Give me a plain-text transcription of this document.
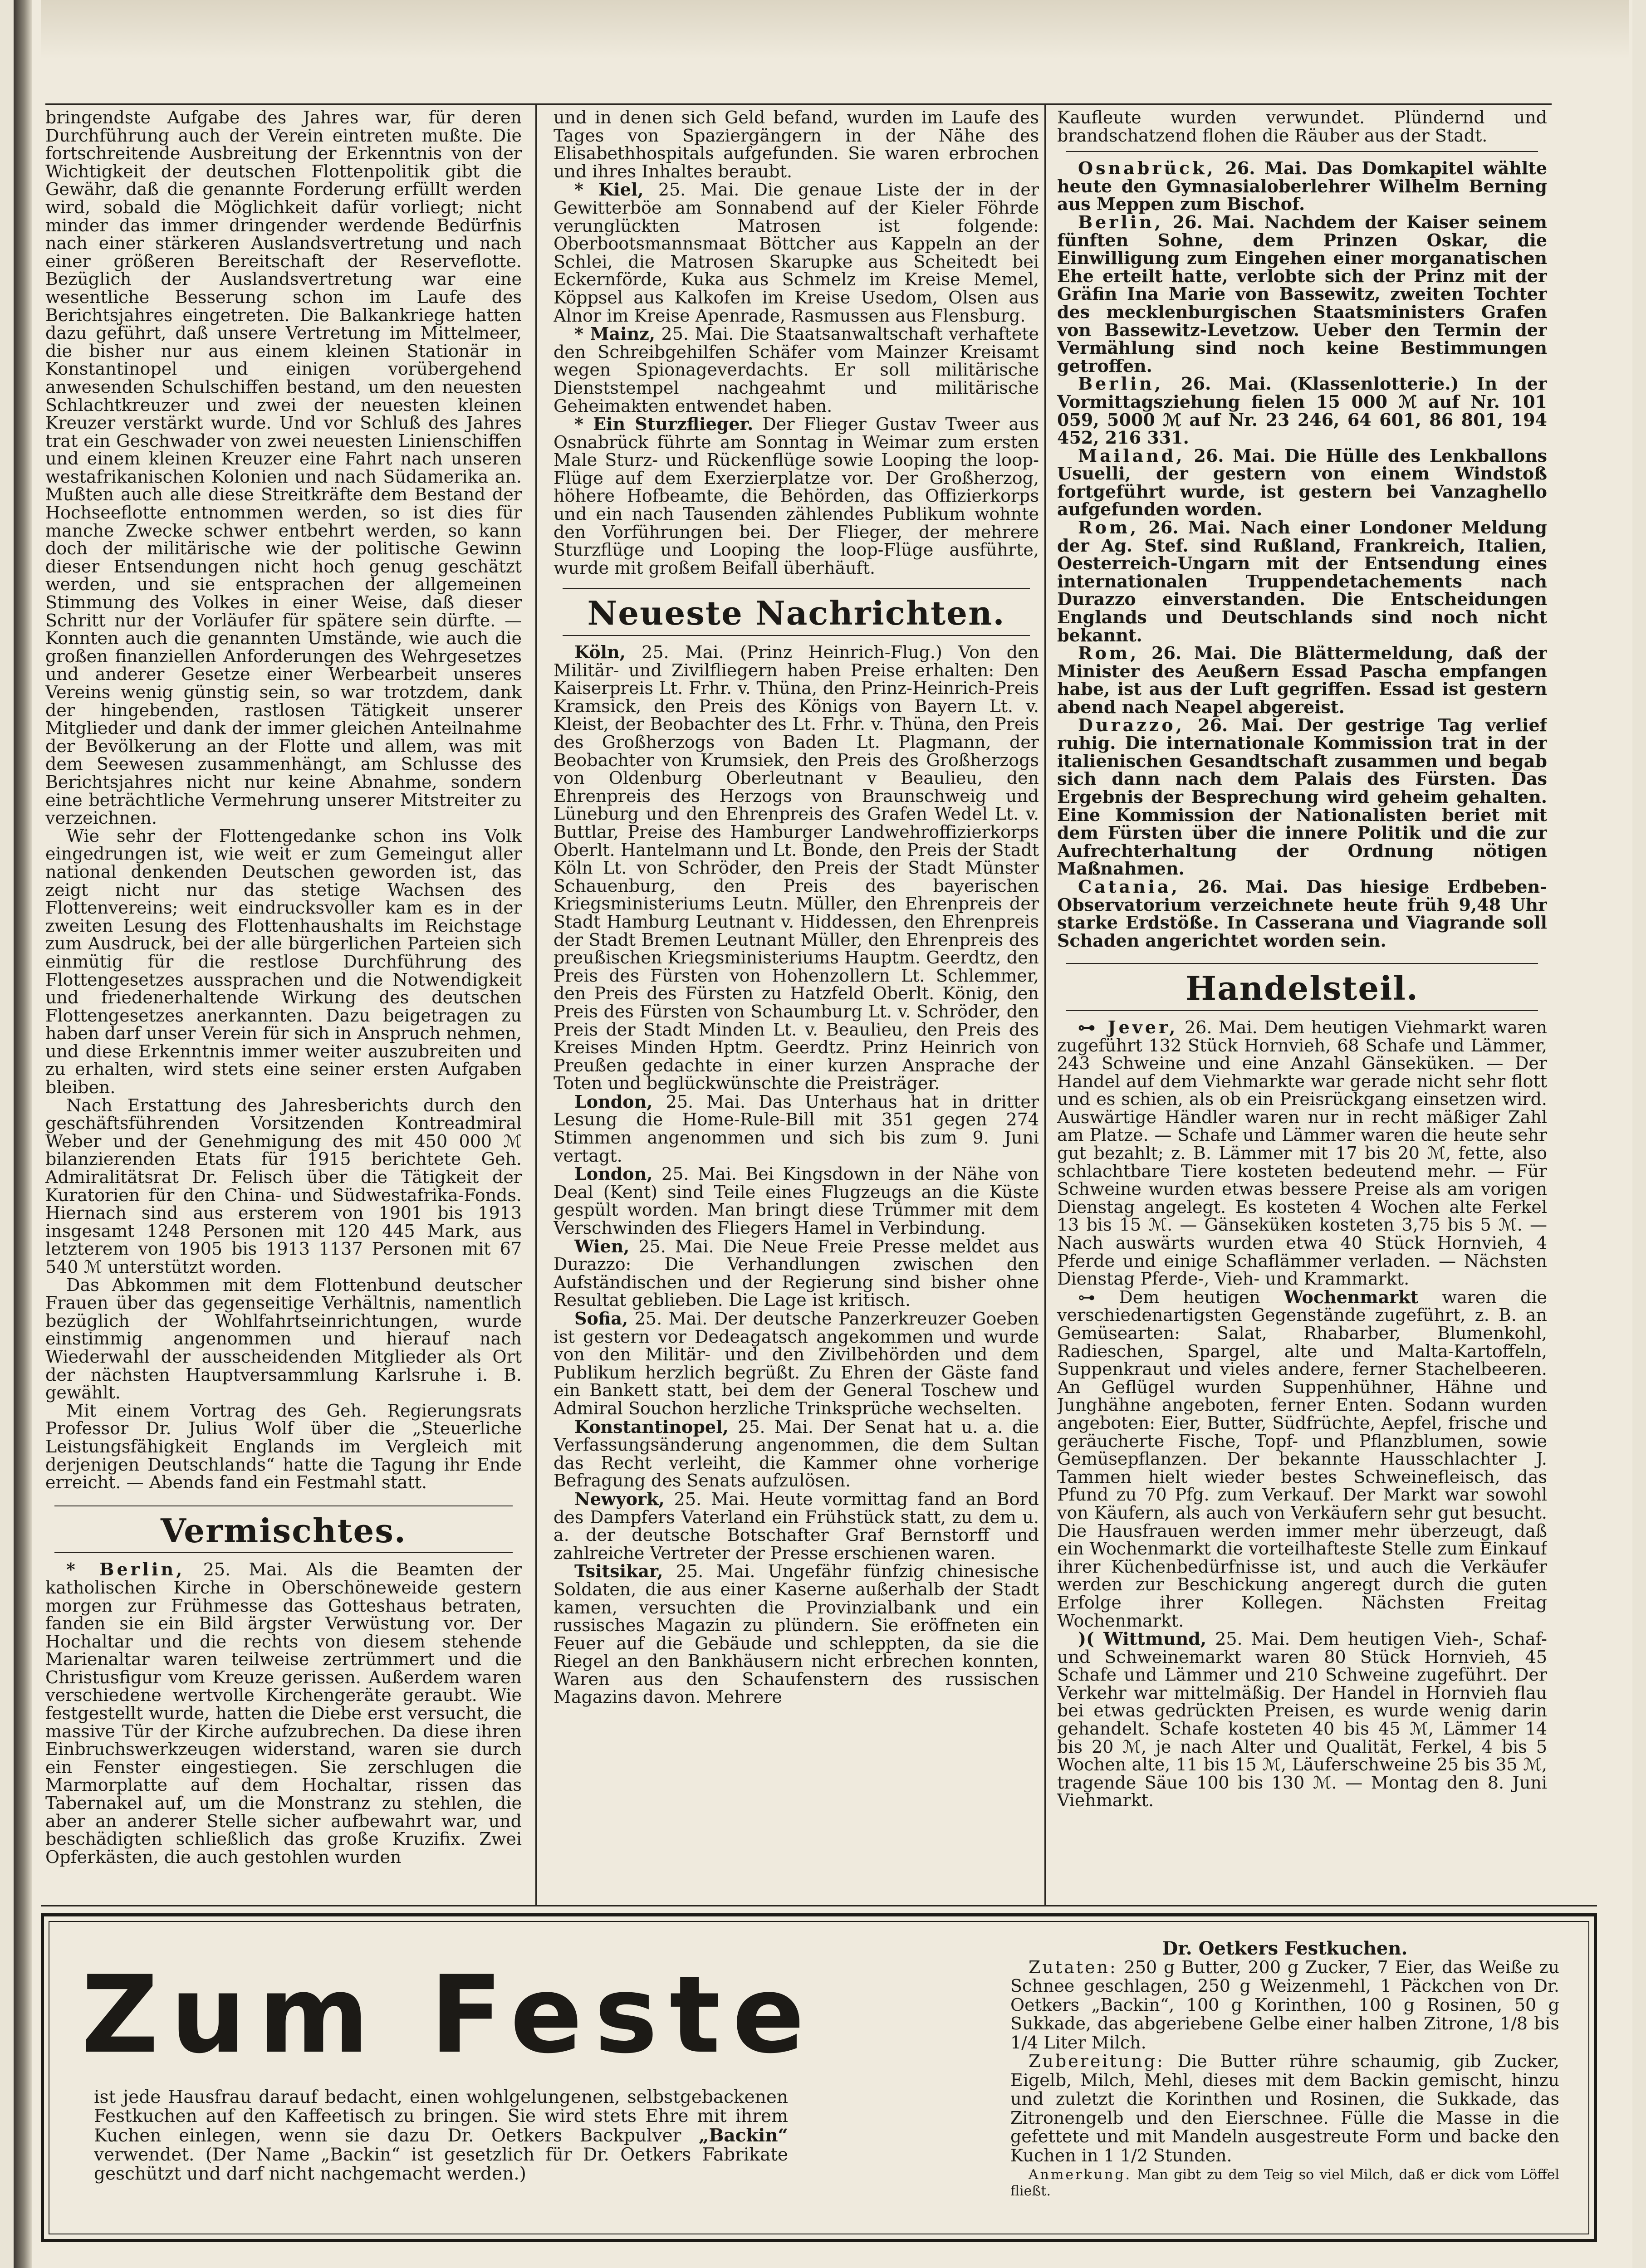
bringendste Aufgabe des Jahres war, für deren Durchführung auch der Verein eintreten mußte. Die fortschreitende Ausbreitung der Erkenntnis von der Wichtigkeit der deutschen Flottenpolitik gibt die Gewähr, daß die genannte Forderung erfüllt werden wird, sobald die Möglichkeit dafür vorliegt; nicht minder das immer dringender werdende Bedürfnis nach einer stärkeren Auslandsvertretung und nach einer größeren Bereitschaft der Reserveflotte. Bezüglich der Auslandsvertretung war eine wesentliche Besserung schon im Laufe des Berichtsjahres eingetreten. Die Balkankriege hatten dazu geführt, daß unsere Vertretung im Mittelmeer, die bisher nur aus einem kleinen Stationär in Konstantinopel und einigen vorübergehend anwesenden Schulschiffen bestand, um den neuesten Schlachtkreuzer und zwei der neuesten kleinen Kreuzer verstärkt wurde. Und vor Schluß des Jahres trat ein Geschwader von zwei neuesten Linienschiffen und einem kleinen Kreuzer eine Fahrt nach unseren westafrikanischen Kolonien und nach Südamerika an. Mußten auch alle diese Streitkräfte dem Bestand der Hochseeflotte entnommen werden, so ist dies für manche Zwecke schwer entbehrt werden, so kann doch der militärische wie der politische Gewinn dieser Entsendungen nicht hoch genug geschätzt werden, und sie entsprachen der allgemeinen Stimmung des Volkes in einer Weise, daß dieser Schritt nur der Vorläufer für spätere sein dürfte. — Konnten auch die genannten Umstände, wie auch die großen finanziellen Anforderungen des Wehrgesetzes und anderer Gesetze einer Werbearbeit unseres Vereins wenig günstig sein, so war trotzdem, dank der hingebenden, rastlosen Tätigkeit unserer Mitglieder und dank der immer gleichen Anteilnahme der Bevölkerung an der Flotte und allem, was mit dem Seewesen zusammenhängt, am Schlusse des Berichtsjahres nicht nur keine Abnahme, sondern eine beträchtliche Vermehrung unserer Mitstreiter zu verzeichnen.

Wie sehr der Flottengedanke schon ins Volk eingedrungen ist, wie weit er zum Gemeingut aller national denkenden Deutschen geworden ist, das zeigt nicht nur das stetige Wachsen des Flottenvereins; weit eindrucksvoller kam es in der zweiten Lesung des Flottenhaushalts im Reichstage zum Ausdruck, bei der alle bürgerlichen Parteien sich einmütig für die restlose Durchführung des Flottengesetzes aussprachen und die Notwendigkeit und friedenerhaltende Wirkung des deutschen Flottengesetzes anerkannten. Dazu beigetragen zu haben darf unser Verein für sich in Anspruch nehmen, und diese Erkenntnis immer weiter auszubreiten und zu erhalten, wird stets eine seiner ersten Aufgaben bleiben.

Nach Erstattung des Jahresberichts durch den geschäftsführenden Vorsitzenden Kontreadmiral Weber und der Genehmigung des mit 450 000 ℳ bilanzierenden Etats für 1915 berichtete Geh. Admiralitätsrat Dr. Felisch über die Tätigkeit der Kuratorien für den China- und Südwestafrika-Fonds. Hiernach sind aus ersterem von 1901 bis 1913 insgesamt 1248 Personen mit 120 445 Mark, aus letzterem von 1905 bis 1913 1137 Personen mit 67 540 ℳ unterstützt worden.

Das Abkommen mit dem Flottenbund deutscher Frauen über das gegenseitige Verhältnis, namentlich bezüglich der Wohlfahrtseinrichtungen, wurde einstimmig angenommen und hierauf nach Wiederwahl der ausscheidenden Mitglieder als Ort der nächsten Hauptversammlung Karlsruhe i. B. gewählt.

Mit einem Vortrag des Geh. Regierungsrats Professor Dr. Julius Wolf über die „Steuerliche Leistungsfähigkeit Englands im Vergleich mit derjenigen Deutschlands“ hatte die Tagung ihr Ende erreicht. — Abends fand ein Festmahl statt.

Vermischtes.

* Berlin, 25. Mai. Als die Beamten der katholischen Kirche in Oberschöneweide gestern morgen zur Frühmesse das Gotteshaus betraten, fanden sie ein Bild ärgster Verwüstung vor. Der Hochaltar und die rechts von diesem stehende Marienaltar waren teilweise zertrümmert und die Christusfigur vom Kreuze gerissen. Außerdem waren verschiedene wertvolle Kirchengeräte geraubt. Wie festgestellt wurde, hatten die Diebe erst versucht, die massive Tür der Kirche aufzubrechen. Da diese ihren Einbruchswerkzeugen widerstand, waren sie durch ein Fenster eingestiegen. Sie zerschlugen die Marmorplatte auf dem Hochaltar, rissen das Tabernakel auf, um die Monstranz zu stehlen, die aber an anderer Stelle sicher aufbewahrt war, und beschädigten schließlich das große Kruzifix. Zwei Opferkästen, die auch gestohlen wurden

und in denen sich Geld befand, wurden im Laufe des Tages von Spaziergängern in der Nähe des Elisabethhospitals aufgefunden. Sie waren erbrochen und ihres Inhaltes beraubt.

* Kiel, 25. Mai. Die genaue Liste der in der Gewitterböe am Sonnabend auf der Kieler Föhrde verunglückten Matrosen ist folgende: Oberbootsmannsmaat Böttcher aus Kappeln an der Schlei, die Matrosen Skarupke aus Scheitedt bei Eckernförde, Kuka aus Schmelz im Kreise Memel, Köppsel aus Kalkofen im Kreise Usedom, Olsen aus Alnor im Kreise Apenrade, Rasmussen aus Flensburg.

* Mainz, 25. Mai. Die Staatsanwaltschaft verhaftete den Schreibgehilfen Schäfer vom Mainzer Kreisamt wegen Spionageverdachts. Er soll militärische Dienststempel nachgeahmt und militärische Geheimakten entwendet haben.

* Ein Sturzflieger. Der Flieger Gustav Tweer aus Osnabrück führte am Sonntag in Weimar zum ersten Male Sturz- und Rückenflüge sowie Looping the loop-Flüge auf dem Exerzierplatze vor. Der Großherzog, höhere Hofbeamte, die Behörden, das Offizierkorps und ein nach Tausenden zählendes Publikum wohnte den Vorführungen bei. Der Flieger, der mehrere Sturzflüge und Looping the loop-Flüge ausführte, wurde mit großem Beifall überhäuft.

Neueste Nachrichten.

Köln, 25. Mai. (Prinz Heinrich-Flug.) Von den Militär- und Zivilfliegern haben Preise erhalten: Den Kaiserpreis Lt. Frhr. v. Thüna, den Prinz-Heinrich-Preis Kramsick, den Preis des Königs von Bayern Lt. v. Kleist, der Beobachter des Lt. Frhr. v. Thüna, den Preis des Großherzogs von Baden Lt. Plagmann, der Beobachter von Krumsiek, den Preis des Großherzogs von Oldenburg Oberleutnant v Beaulieu, den Ehrenpreis des Herzogs von Braunschweig und Lüneburg und den Ehrenpreis des Grafen Wedel Lt. v. Buttlar, Preise des Hamburger Landwehroffizierkorps Oberlt. Hantelmann und Lt. Bonde, den Preis der Stadt Köln Lt. von Schröder, den Preis der Stadt Münster Schauenburg, den Preis des bayerischen Kriegsministeriums Leutn. Müller, den Ehrenpreis der Stadt Hamburg Leutnant v. Hiddessen, den Ehrenpreis der Stadt Bremen Leutnant Müller, den Ehrenpreis des preußischen Kriegsministeriums Hauptm. Geerdtz, den Preis des Fürsten von Hohenzollern Lt. Schlemmer, den Preis des Fürsten zu Hatzfeld Oberlt. König, den Preis des Fürsten von Schaumburg Lt. v. Schröder, den Preis der Stadt Minden Lt. v. Beaulieu, den Preis des Kreises Minden Hptm. Geerdtz. Prinz Heinrich von Preußen gedachte in einer kurzen Ansprache der Toten und beglückwünschte die Preisträger.

London, 25. Mai. Das Unterhaus hat in dritter Lesung die Home-Rule-Bill mit 351 gegen 274 Stimmen angenommen und sich bis zum 9. Juni vertagt.

London, 25. Mai. Bei Kingsdown in der Nähe von Deal (Kent) sind Teile eines Flugzeugs an die Küste gespült worden. Man bringt diese Trümmer mit dem Verschwinden des Fliegers Hamel in Verbindung.

Wien, 25. Mai. Die Neue Freie Presse meldet aus Durazzo: Die Verhandlungen zwischen den Aufständischen und der Regierung sind bisher ohne Resultat geblieben. Die Lage ist kritisch.

Sofia, 25. Mai. Der deutsche Panzerkreuzer Goeben ist gestern vor Dedeagatsch angekommen und wurde von den Militär- und den Zivilbehörden und dem Publikum herzlich begrüßt. Zu Ehren der Gäste fand ein Bankett statt, bei dem der General Toschew und Admiral Souchon herzliche Trinksprüche wechselten.

Konstantinopel, 25. Mai. Der Senat hat u. a. die Verfassungsänderung angenommen, die dem Sultan das Recht verleiht, die Kammer ohne vorherige Befragung des Senats aufzulösen.

Newyork, 25. Mai. Heute vormittag fand an Bord des Dampfers Vaterland ein Frühstück statt, zu dem u. a. der deutsche Botschafter Graf Bernstorff und zahlreiche Vertreter der Presse erschienen waren.

Tsitsikar, 25. Mai. Ungefähr fünfzig chinesische Soldaten, die aus einer Kaserne außerhalb der Stadt kamen, versuchten die Provinzialbank und ein russisches Magazin zu plündern. Sie eröffneten ein Feuer auf die Gebäude und schleppten, da sie die Riegel an den Bankhäusern nicht erbrechen konnten, Waren aus den Schaufenstern des russischen Magazins davon. Mehrere

Kaufleute wurden verwundet. Plündernd und brandschatzend flohen die Räuber aus der Stadt.

Osnabrück, 26. Mai. Das Domkapitel wählte heute den Gymnasialoberlehrer Wilhelm Berning aus Meppen zum Bischof.

Berlin, 26. Mai. Nachdem der Kaiser seinem fünften Sohne, dem Prinzen Oskar, die Einwilligung zum Eingehen einer morganatischen Ehe erteilt hatte, verlobte sich der Prinz mit der Gräfin Ina Marie von Bassewitz, zweiten Tochter des mecklenburgischen Staatsministers Grafen von Bassewitz-Levetzow. Ueber den Termin der Vermählung sind noch keine Bestimmungen getroffen.

Berlin, 26. Mai. (Klassenlotterie.) In der Vormittagsziehung fielen 15 000 ℳ auf Nr. 101 059, 5000 ℳ auf Nr. 23 246, 64 601, 86 801, 194 452, 216 331.

Mailand, 26. Mai. Die Hülle des Lenkballons Usuelli, der gestern von einem Windstoß fortgeführt wurde, ist gestern bei Vanzaghello aufgefunden worden.

Rom, 26. Mai. Nach einer Londoner Meldung der Ag. Stef. sind Rußland, Frankreich, Italien, Oesterreich-Ungarn mit der Entsendung eines internationalen Truppendetachements nach Durazzo einverstanden. Die Entscheidungen Englands und Deutschlands sind noch nicht bekannt.

Rom, 26. Mai. Die Blättermeldung, daß der Minister des Aeußern Essad Pascha empfangen habe, ist aus der Luft gegriffen. Essad ist gestern abend nach Neapel abgereist.

Durazzo, 26. Mai. Der gestrige Tag verlief ruhig. Die internationale Kommission trat in der italienischen Gesandtschaft zusammen und begab sich dann nach dem Palais des Fürsten. Das Ergebnis der Besprechung wird geheim gehalten. Eine Kommission der Nationalisten beriet mit dem Fürsten über die innere Politik und die zur Aufrechterhaltung der Ordnung nötigen Maßnahmen.

Catania, 26. Mai. Das hiesige Erdbeben-Observatorium verzeichnete heute früh 9,48 Uhr starke Erdstöße. In Casserana und Viagrande soll Schaden angerichtet worden sein.

Handelsteil.

⊶ Jever, 26. Mai. Dem heutigen Viehmarkt waren zugeführt 132 Stück Hornvieh, 68 Schafe und Lämmer, 243 Schweine und eine Anzahl Gänseküken. — Der Handel auf dem Viehmarkte war gerade nicht sehr flott und es schien, als ob ein Preisrückgang einsetzen wird. Auswärtige Händler waren nur in recht mäßiger Zahl am Platze. — Schafe und Lämmer waren die heute sehr gut bezahlt; z. B. Lämmer mit 17 bis 20 ℳ, fette, also schlachtbare Tiere kosteten bedeutend mehr. — Für Schweine wurden etwas bessere Preise als am vorigen Dienstag angelegt. Es kosteten 4 Wochen alte Ferkel 13 bis 15 ℳ. — Gänseküken kosteten 3,75 bis 5 ℳ. — Nach auswärts wurden etwa 40 Stück Hornvieh, 4 Pferde und einige Schaflämmer verladen. — Nächsten Dienstag Pferde-, Vieh- und Krammarkt.

⊶ Dem heutigen Wochenmarkt waren die verschiedenartigsten Gegenstände zugeführt, z. B. an Gemüsearten: Salat, Rhabarber, Blumenkohl, Radieschen, Spargel, alte und Malta-Kartoffeln, Suppenkraut und vieles andere, ferner Stachelbeeren. An Geflügel wurden Suppenhühner, Hähne und Junghähne angeboten, ferner Enten. Sodann wurden angeboten: Eier, Butter, Südfrüchte, Aepfel, frische und geräucherte Fische, Topf- und Pflanzblumen, sowie Gemüsepflanzen. Der bekannte Hausschlachter J. Tammen hielt wieder bestes Schweinefleisch, das Pfund zu 70 Pfg. zum Verkauf. Der Markt war sowohl von Käufern, als auch von Verkäufern sehr gut besucht. Die Hausfrauen werden immer mehr überzeugt, daß ein Wochenmarkt die vorteilhafteste Stelle zum Einkauf ihrer Küchenbedürfnisse ist, und auch die Verkäufer werden zur Beschickung angeregt durch die guten Erfolge ihrer Kollegen. Nächsten Freitag Wochenmarkt.

)( Wittmund, 25. Mai. Dem heutigen Vieh-, Schaf- und Schweinemarkt waren 80 Stück Hornvieh, 45 Schafe und Lämmer und 210 Schweine zugeführt. Der Verkehr war mittelmäßig. Der Handel in Hornvieh flau bei etwas gedrückten Preisen, es wurde wenig darin gehandelt. Schafe kosteten 40 bis 45 ℳ, Lämmer 14 bis 20 ℳ, je nach Alter und Qualität, Ferkel, 4 bis 5 Wochen alte, 11 bis 15 ℳ, Läuferschweine 25 bis 35 ℳ, tragende Säue 100 bis 130 ℳ. — Montag den 8. Juni Viehmarkt.

Zum Feste
ist jede Hausfrau darauf bedacht, einen wohlgelungenen, selbstgebackenen Festkuchen auf den Kaffeetisch zu bringen. Sie wird stets Ehre mit ihrem Kuchen einlegen, wenn sie dazu Dr. Oetkers Backpulver „Backin“ verwendet. (Der Name „Backin“ ist gesetzlich für Dr. Oetkers Fabrikate geschützt und darf nicht nachgemacht werden.)
Dr. Oetkers Festkuchen.
Zutaten: 250 g Butter, 200 g Zucker, 7 Eier, das Weiße zu Schnee geschlagen, 250 g Weizenmehl, 1 Päckchen von Dr. Oetkers „Backin“, 100 g Korinthen, 100 g Rosinen, 50 g Sukkade, das abgeriebene Gelbe einer halben Zitrone, 1/8 bis 1/4 Liter Milch.
Zubereitung: Die Butter rühre schaumig, gib Zucker, Eigelb, Milch, Mehl, dieses mit dem Backin gemischt, hinzu und zuletzt die Korinthen und Rosinen, die Sukkade, das Zitronengelb und den Eierschnee. Fülle die Masse in die gefettete und mit Mandeln ausgestreute Form und backe den Kuchen in 1 1/2 Stunden.
Anmerkung. Man gibt zu dem Teig so viel Milch, daß er dick vom Löffel fließt.
